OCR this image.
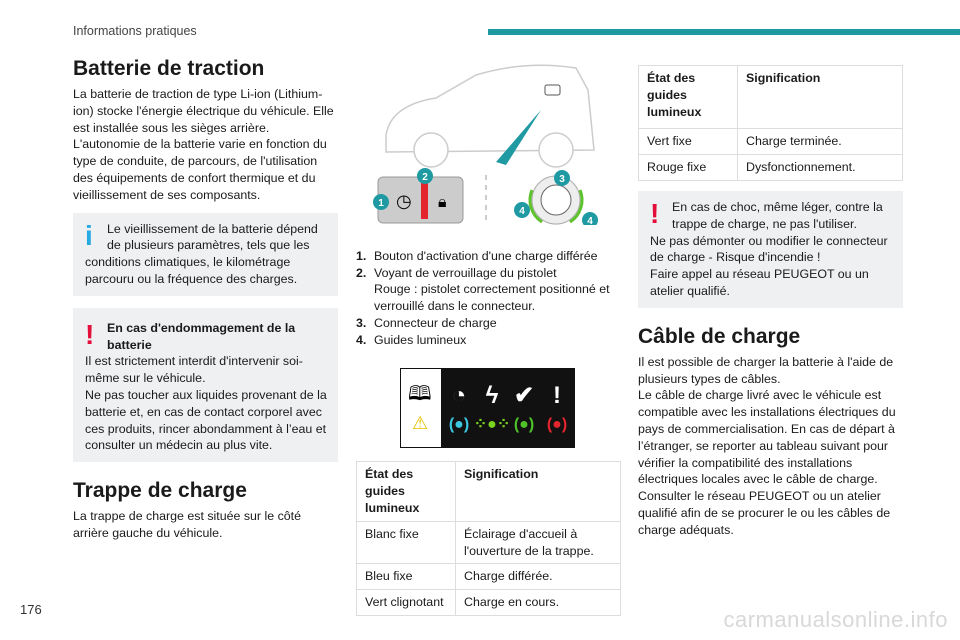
Informations pratiques
Batterie de traction

La batterie de traction de type Li-ion (Lithium-ion) stocke l'énergie électrique du véhicule. Elle est installée sous les sièges arrière.

L'autonomie de la batterie varie en fonction du type de conduite, de parcours, de l'utilisation des équipements de confort thermique et du vieillissement de ses composants.

i	Le vieillissement de la batterie dépend de plusieurs paramètres, tels que les conditions climatiques, le kilométrage parcouru ou la fréquence des charges.
!	En cas d'endommagement de la batterie

Il est strictement interdit d'intervenir soi-même sur le véhicule.

Ne pas toucher aux liquides provenant de la batterie et, en cas de contact corporel avec ces produits, rincer abondamment à l’eau et consulter un médecin au plus vite.

Trappe de charge

La trappe de charge est située sur le côté arrière gauche du véhicule.

◷ 🔒︎
1
2	3
4
4
1. Bouton d'activation d'une charge différée
2. Voyant de verrouillage du pistolet
Rouge : pistolet correctement positionné et verrouillé dans le connecteur.
3. Connecteur de charge
4. Guides lumineux
🕮
⚠
◔ ϟ ✔ !
(●) ⁘●⁘ (●) (●)
État des guides lumineux	Signification
Blanc fixe	Éclairage d'accueil à l'ouverture de la trappe.
Bleu fixe	Charge différée.
Vert clignotant	Charge en cours.
État des guides lumineux	Signification
Vert fixe	Charge terminée.
Rouge fixe	Dysfonctionnement.
!	En cas de choc, même léger, contre la trappe de charge, ne pas l'utiliser.

Ne pas démonter ou modifier le connecteur de charge - Risque d'incendie !

Faire appel au réseau PEUGEOT ou un atelier qualifié.

Câble de charge

Il est possible de charger la batterie à l'aide de plusieurs types de câbles.

Le câble de charge livré avec le véhicule est compatible avec les installations électriques du pays de commercialisation. En cas de départ à l’étranger, se reporter au tableau suivant pour vérifier la compatibilité des installations électriques locales avec le câble de charge.

Consulter le réseau PEUGEOT ou un atelier qualifié afin de se procurer le ou les câbles de charge adéquats.

176	carmanualsonline.info
